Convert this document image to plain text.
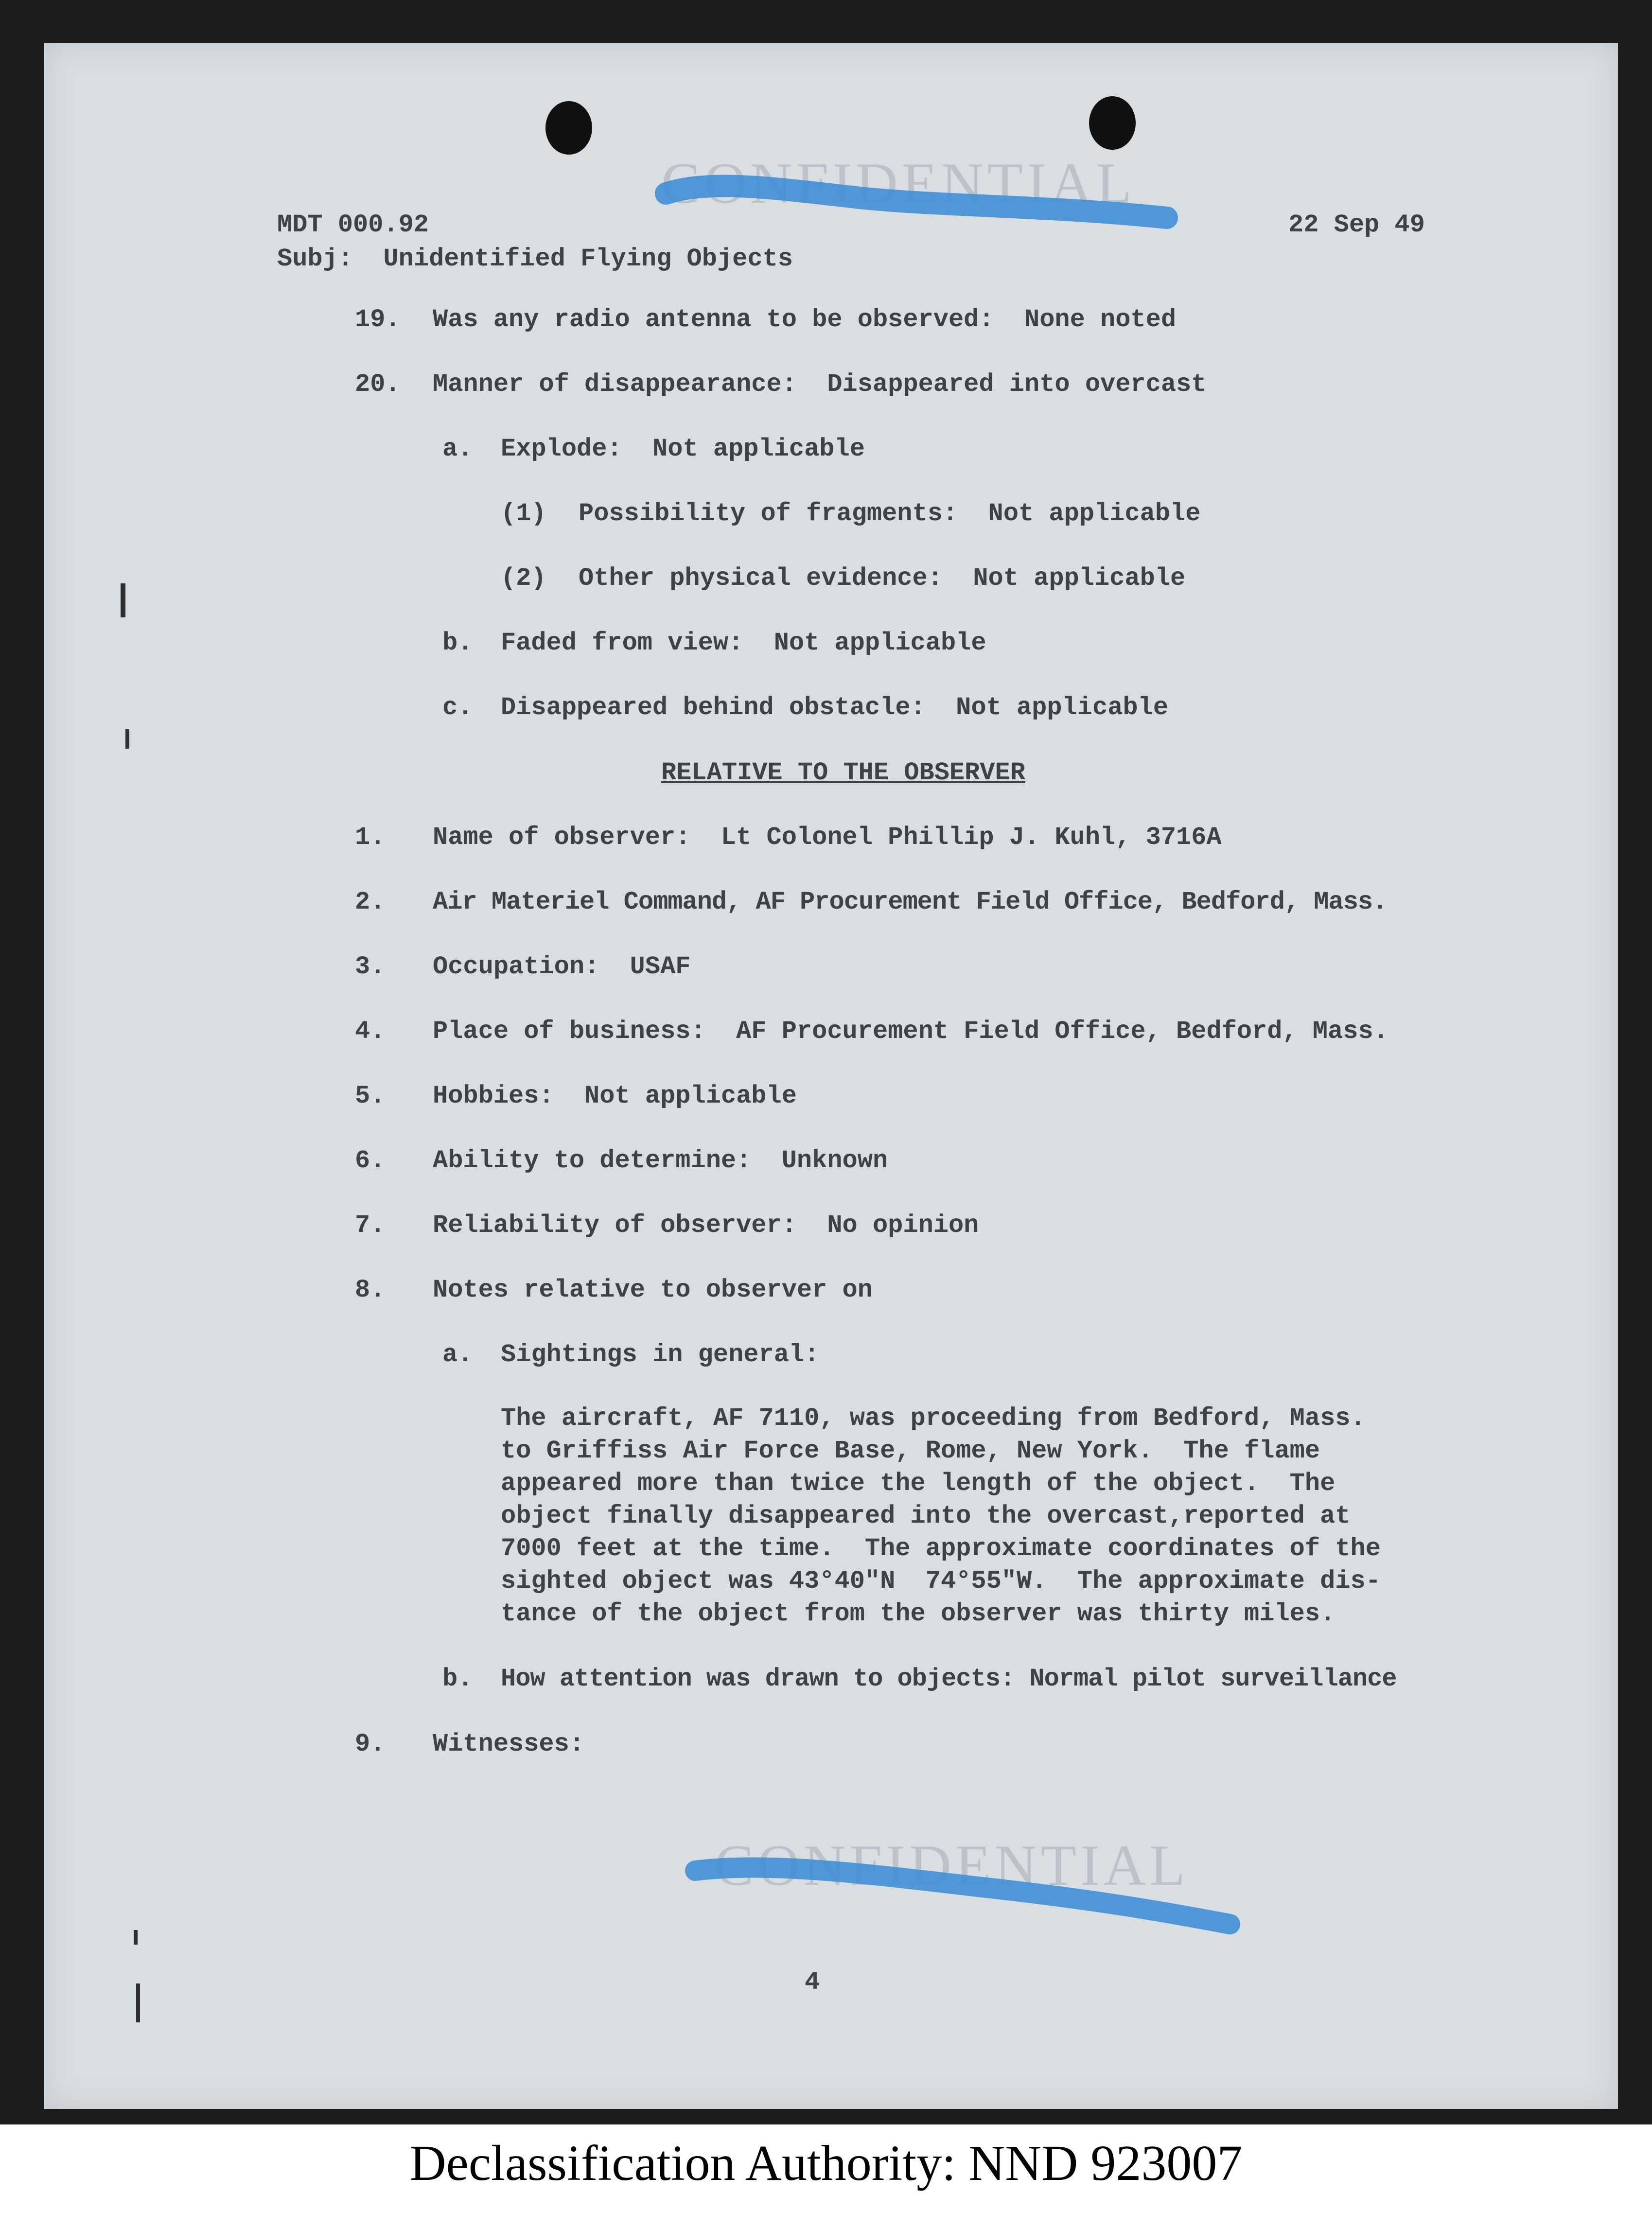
CONFIDENTIAL
MDT 000.92	22 Sep 49
Subj:  Unidentified Flying Objects
19. Was any radio antenna to be observed:  None noted
20. Manner of disappearance:  Disappeared into overcast
a. Explode:  Not applicable
(1) Possibility of fragments:  Not applicable
(2) Other physical evidence:  Not applicable
b. Faded from view:  Not applicable
c. Disappeared behind obstacle:  Not applicable
RELATIVE TO THE OBSERVER
1. Name of observer:  Lt Colonel Phillip J. Kuhl, 3716A
2. Air Materiel Command, AF Procurement Field Office, Bedford, Mass.
3. Occupation:  USAF
4. Place of business:  AF Procurement Field Office, Bedford, Mass.
5. Hobbies:  Not applicable
6. Ability to determine:  Unknown
7. Reliability of observer:  No opinion
8. Notes relative to observer on
a. Sightings in general:
The aircraft, AF 7110, was proceeding from Bedford, Mass.
to Griffiss Air Force Base, Rome, New York.  The flame
appeared more than twice the length of the object.  The
object finally disappeared into the overcast,reported at
7000 feet at the time.  The approximate coordinates of the
sighted object was 43°40"N  74°55"W.  The approximate dis-
tance of the object from the observer was thirty miles.
b. How attention was drawn to objects: Normal pilot surveillance
9. Witnesses:
CONFIDENTIAL
4
Declassification Authority: NND 923007
